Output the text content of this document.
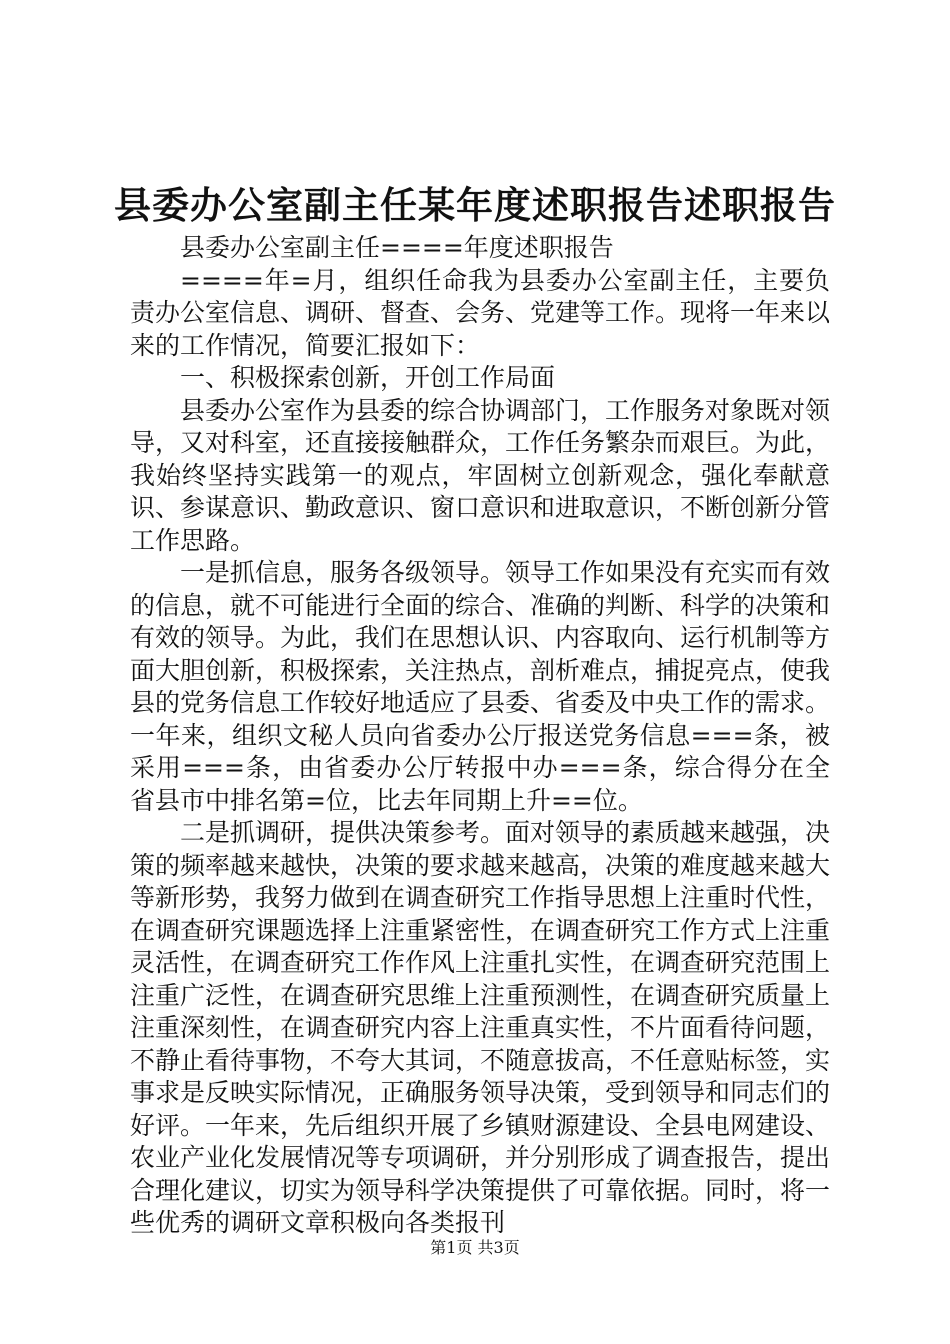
县委办公室副主任某年度述职报告述职报告

县委办公室副主任====年度述职报告

====年=月，组织任命我为县委办公室副主任，主要负责办公室信息、调研、督查、会务、党建等工作。现将一年来以来的工作情况，简要汇报如下：

一、积极探索创新，开创工作局面

县委办公室作为县委的综合协调部门，工作服务对象既对领导，又对科室，还直接接触群众，工作任务繁杂而艰巨。为此，我始终坚持实践第一的观点，牢固树立创新观念，强化奉献意识、参谋意识、勤政意识、窗口意识和进取意识，不断创新分管工作思路。

一是抓信息，服务各级领导。领导工作如果没有充实而有效的信息，就不可能进行全面的综合、准确的判断、科学的决策和有效的领导。为此，我们在思想认识、内容取向、运行机制等方面大胆创新，积极探索，关注热点，剖析难点，捕捉亮点，使我县的党务信息工作较好地适应了县委、省委及中央工作的需求。一年来，组织文秘人员向省委办公厅报送党务信息===条，被采用===条，由省委办公厅转报中办===条，综合得分在全省县市中排名第=位，比去年同期上升==位。

二是抓调研，提供决策参考。面对领导的素质越来越强，决策的频率越来越快，决策的要求越来越高，决策的难度越来越大等新形势，我努力做到在调查研究工作指导思想上注重时代性，在调查研究课题选择上注重紧密性，在调查研究工作方式上注重灵活性，在调查研究工作作风上注重扎实性，在调查研究范围上注重广泛性，在调查研究思维上注重预测性，在调查研究质量上注重深刻性，在调查研究内容上注重真实性，不片面看待问题，不静止看待事物，不夸大其词，不随意拔高，不任意贴标签，实事求是反映实际情况，正确服务领导决策，受到领导和同志们的好评。一年来，先后组织开展了乡镇财源建设、全县电网建设、农业产业化发展情况等专项调研，并分别形成了调查报告，提出合理化建议，切实为领导科学决策提供了可靠依据。同时，将一些优秀的调研文章积极向各类报刊

第1页 共3页
